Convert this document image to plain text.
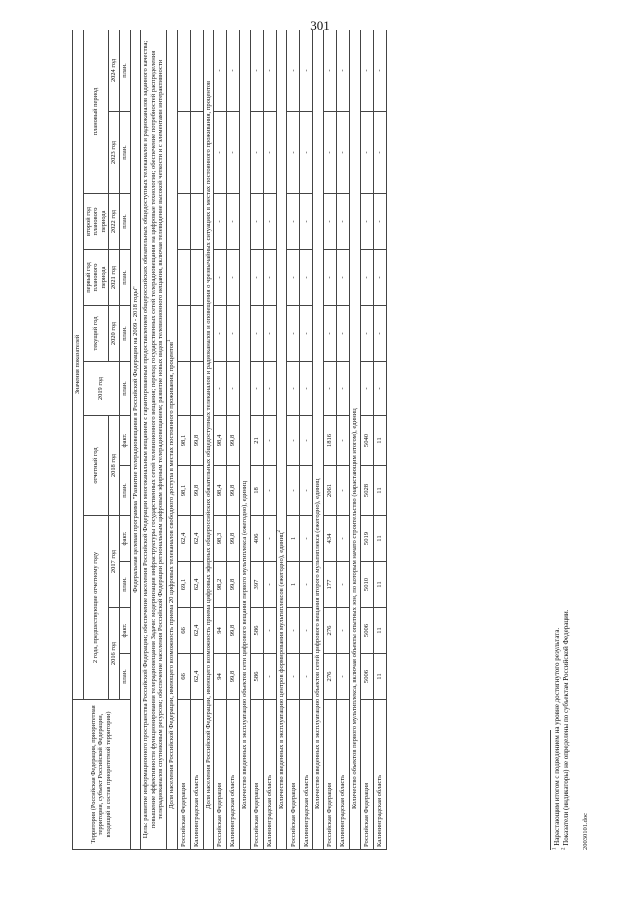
301
Территория (Российская Федерация, приоритетная территория, субъект Российской Федерации, входящий в состав приоритетной территории)	Значения показателей											
	2 года, предшествующие отчетному году				отчетный год		2019 год	текущий год	первый год планового периода	второй год планового периода	плановый период	
	2016 год		2017 год		2018 год			2020 год	2021 год	2022 год	2023 год	2024 год
	план.	факт.	план.	факт.	план.	факт.	план.	план.	план.	план.	план.	план.
Федеральная целевая программа "Развитие телерадиовещания в Российской Федерации на 2009 - 2018 годы"												
Цель: развитие информационного пространства Российской Федерации; обеспечение населения Российской Федерации многоканальным вещанием с гарантированным предоставлением общероссийских обязательных общедоступных телеканалов и радиоканалов заданного качества; повышение эффективности функционирования телерадиовещания Задачи: модернизация инфраструктуры государственных сетей телевизионного вещания; переход государственных сетей телерадиовещания на цифровые технологии; обеспечение потребностей распределения телерадиоканалов спутниковым ресурсом; обеспечение населения Российской Федерации региональным цифровым эфирным телерадиовещанием; развитие новых видов телевизионного вещания, включая телевидение высокой четкости и с элементами интерактивности												
Доля населения Российской Федерации, имеющего возможность приема 20 цифровых телеканалов свободного доступа в местах постоянного проживания, процентов$^1$
Российская Федерация	66	66	69,1	62,4	98,1	98,1						
Калининградская область	62,4	62,4	62,4	62,4	99,8	99,8						
Доля населения Российской Федерации, имеющего возможность приема цифровых эфирных общероссийских обязательных общедоступных телеканалов и радиоканалов и оповещения о чрезвычайных ситуациях в местах постоянного проживания, процентов												
Российская Федерация	94	94	98,2	98,3	98,4	98,4	-	-	-	-	-	-
Калининградская область	99,8	99,8	99,8	99,8	99,8	99,8	-	-	-	-	-	-
Количество введенных в эксплуатацию объектов сети цифрового вещания первого мультиплекса (ежегодно), единиц												
Российская Федерация	586	586	397	406	18	21	-	-	-	-	-	-
Калининградская область	-	-	-	-	-	-	-	-	-	-	-	-
Количество введенных в эксплуатацию центров формирования мультиплексов (ежегодно), единиц$^2$
Российская Федерация	-	-	1	1	-	-	-	-	-	-	-	-
Калининградская область	-	-	-	-	-	-	-	-	-	-	-	-
Количество введенных в эксплуатацию объектов сетей цифрового вещания второго мультиплекса (ежегодно), единиц												
Российская Федерация	276	276	177	434	2061	1816	-	-	-	-	-	-
Калининградская область	-	-	-	-	-	-	-	-	-	-	-	-
Количество объектов первого мультиплекса, включая объекты опытных зон, по которым начато строительство (нарастающим итогом), единиц												
Российская Федерация	5006	5006	5010	5019	5028	5040	-	-	-	-	-	-
Калининградская область	11	11	11	11	11	11	-	-	-	-	-	-
$^1$ Нарастающим итогом с подведением на уровне достигнутого результата.
$^2$ Показатели (индикаторы) не определены по субъектам Российской Федерации. 20030101.doc
